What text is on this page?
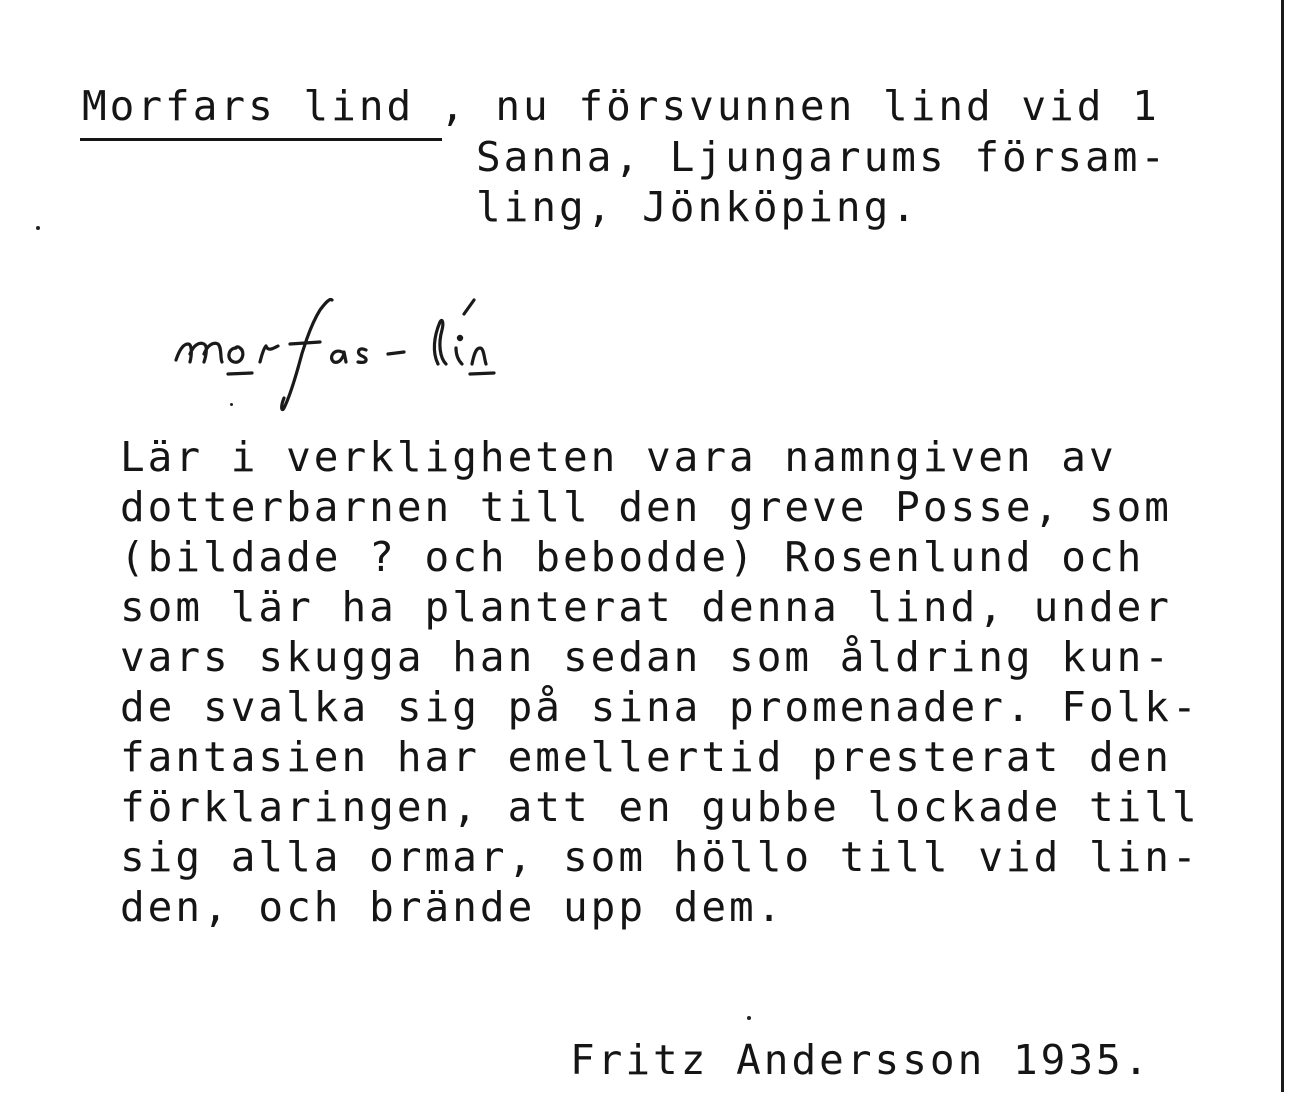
Morfars lind , nu försvunnen lind vid 1
Sanna, Ljungarums försam-
ling, Jönköping.
Lär i verkligheten vara namngiven av
dotterbarnen till den greve Posse, som
(bildade ? och bebodde) Rosenlund och
som lär ha planterat denna lind, under
vars skugga han sedan som åldring kun-
de svalka sig på sina promenader. Folk-
fantasien har emellertid presterat den
förklaringen, att en gubbe lockade till
sig alla ormar, som höllo till vid lin-
den, och brände upp dem.
Fritz Andersson 1935.
